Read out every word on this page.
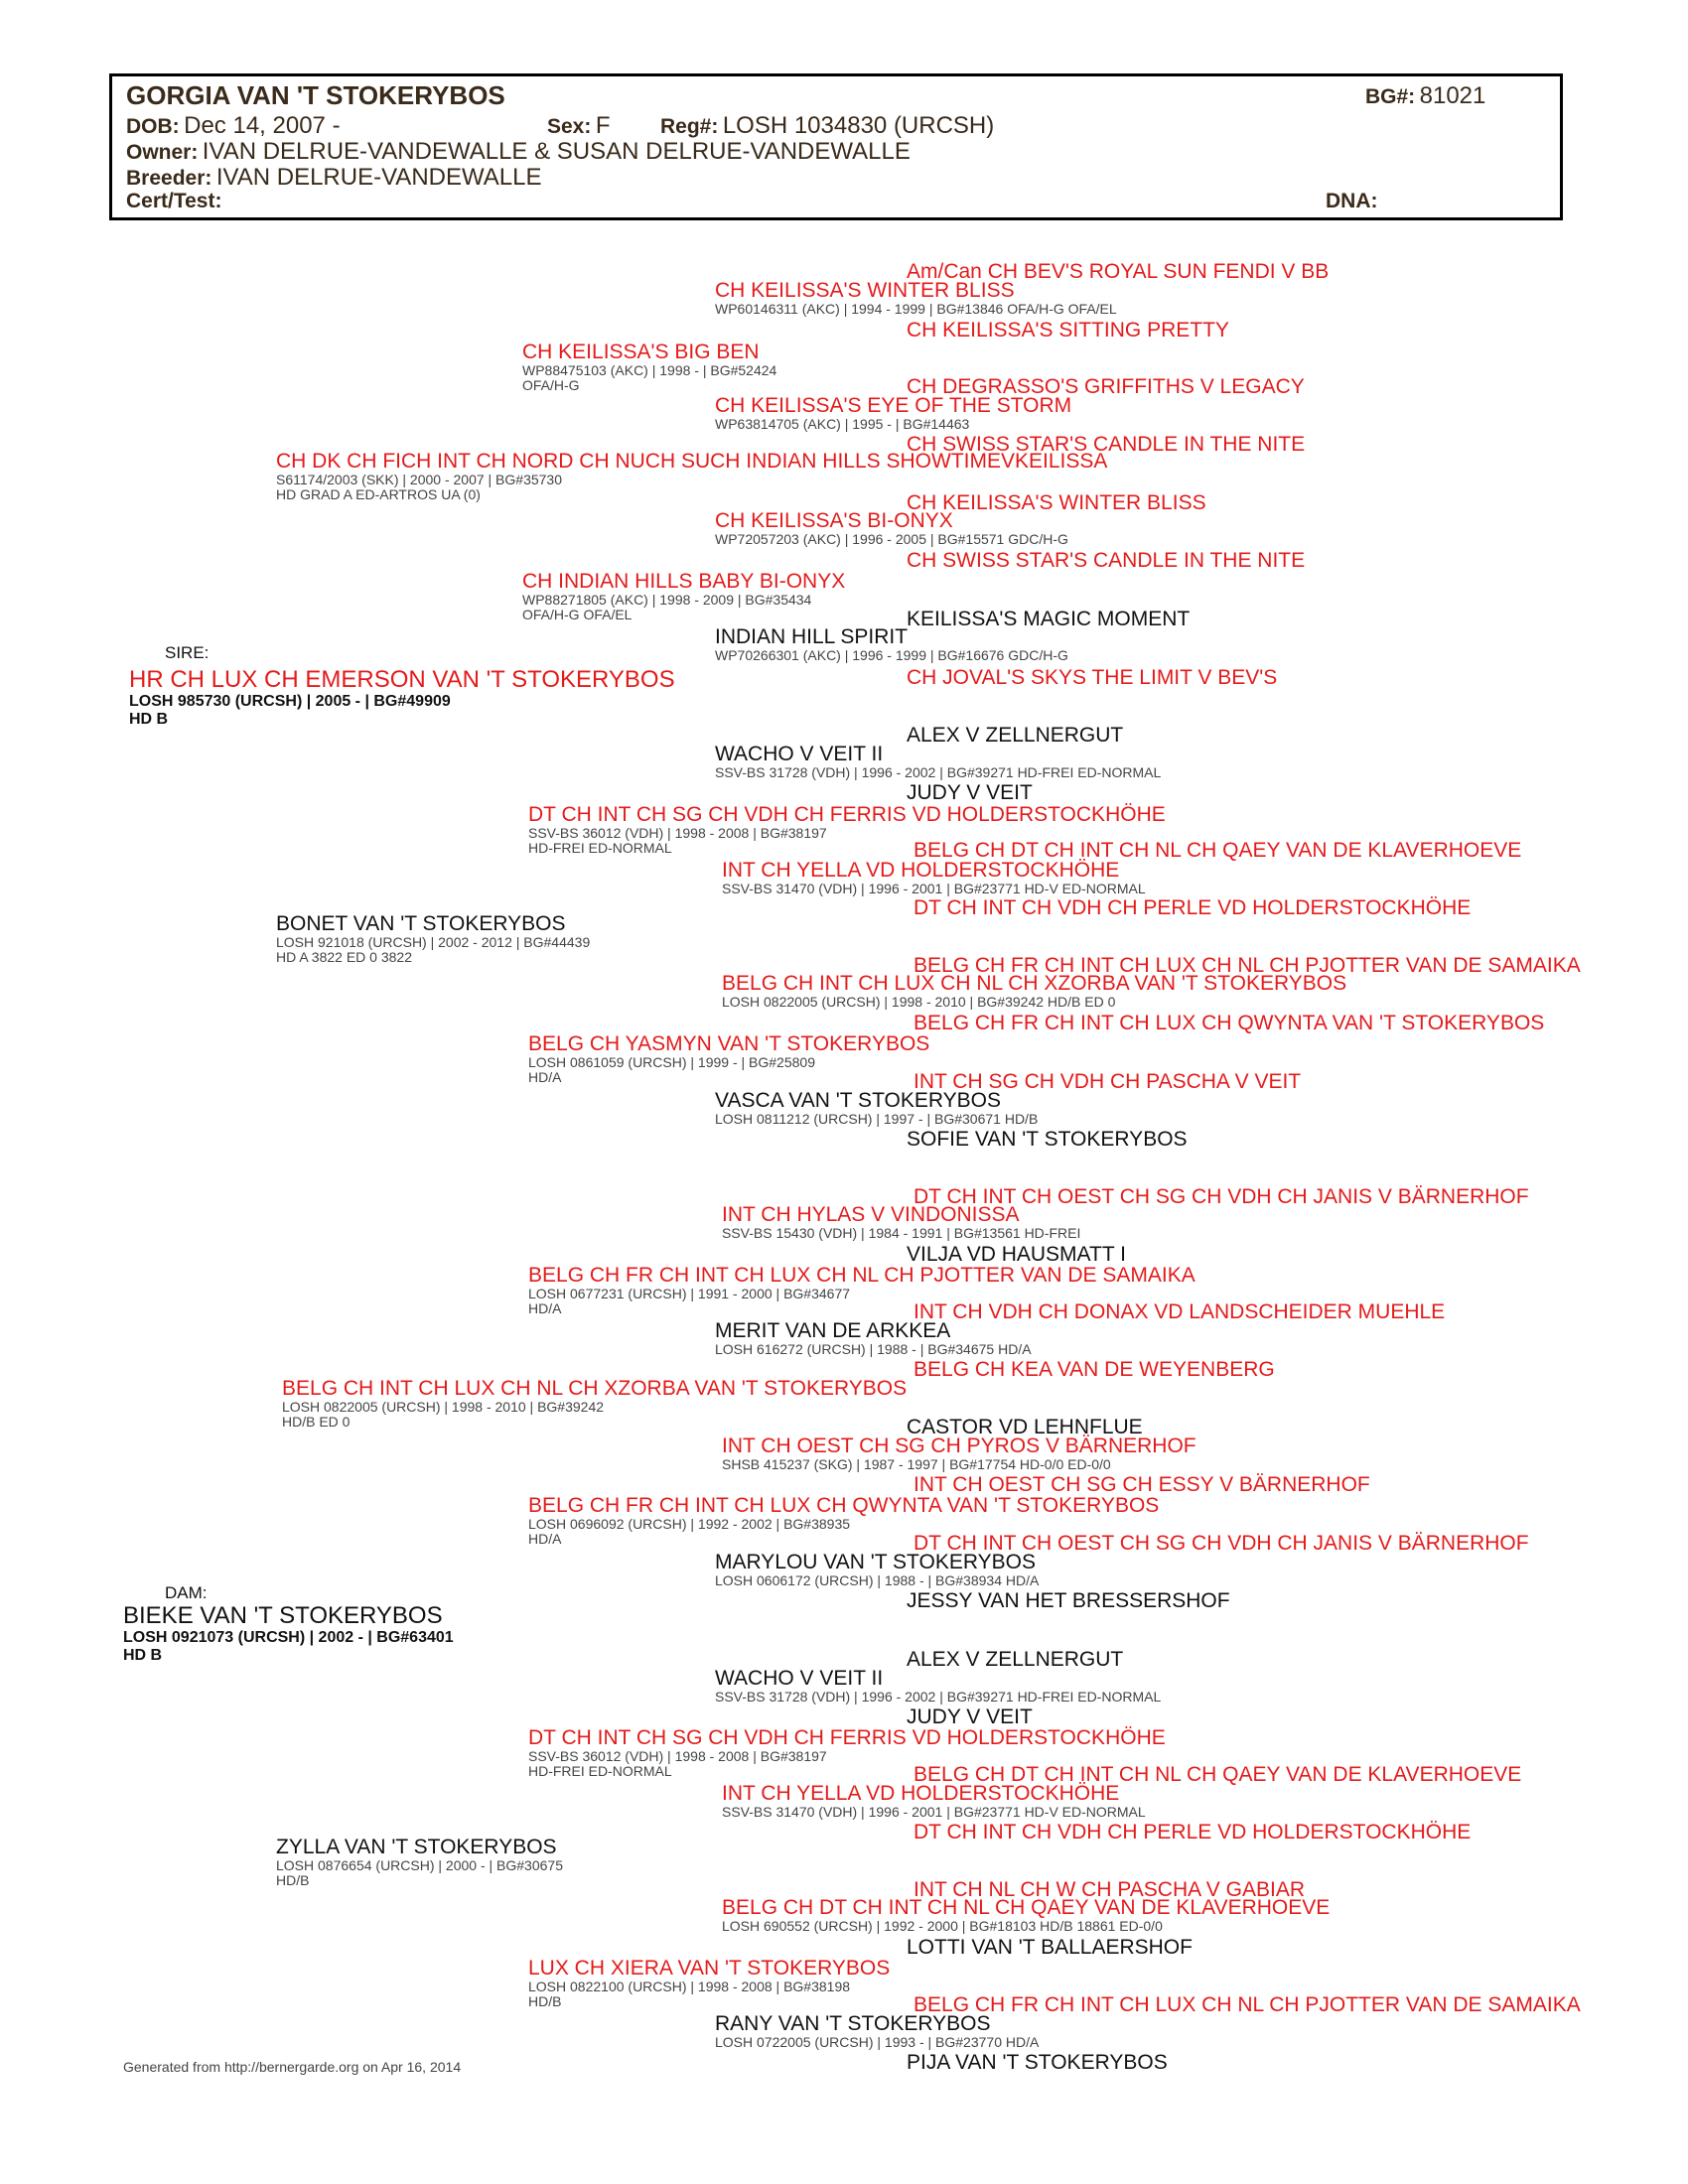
GORGIA VAN 'T STOKERYBOS	BG#: 81021
DOB: Dec 14, 2007 -	Sex: F Reg#: LOSH 1034830 (URCSH)
Owner: IVAN DELRUE-VANDEWALLE & SUSAN DELRUE-VANDEWALLE
Breeder: IVAN DELRUE-VANDEWALLE
Cert/Test:	DNA:
SIRE:
DAM:
Am/Can CH BEV'S ROYAL SUN FENDI V BB
CH KEILISSA'S WINTER BLISS
WP60146311 (AKC) | 1994 - 1999 | BG#13846 OFA/H-G OFA/EL
CH KEILISSA'S SITTING PRETTY
CH KEILISSA'S BIG BEN
WP88475103 (AKC) | 1998 - | BG#52424
OFA/H-G	CH DEGRASSO'S GRIFFITHS V LEGACY
CH KEILISSA'S EYE OF THE STORM
WP63814705 (AKC) | 1995 - | BG#14463
CH SWISS STAR'S CANDLE IN THE NITE
CH DK CH FICH INT CH NORD CH NUCH SUCH INDIAN HILLS SHOWTIMEVKEILISSA
S61174/2003 (SKK) | 2000 - 2007 | BG#35730
HD GRAD A ED-ARTROS UA (0)	CH KEILISSA'S WINTER BLISS
CH KEILISSA'S BI-ONYX
WP72057203 (AKC) | 1996 - 2005 | BG#15571 GDC/H-G
CH SWISS STAR'S CANDLE IN THE NITE
CH INDIAN HILLS BABY BI-ONYX
WP88271805 (AKC) | 1998 - 2009 | BG#35434
OFA/H-G OFA/EL	KEILISSA'S MAGIC MOMENT
INDIAN HILL SPIRIT
WP70266301 (AKC) | 1996 - 1999 | BG#16676 GDC/H-G
CH JOVAL'S SKYS THE LIMIT V BEV'S
HR CH LUX CH EMERSON VAN 'T STOKERYBOS
LOSH 985730 (URCSH) | 2005 - | BG#49909
HD B
ALEX V ZELLNERGUT
WACHO V VEIT II
SSV-BS 31728 (VDH) | 1996 - 2002 | BG#39271 HD-FREI ED-NORMAL
JUDY V VEIT
DT CH INT CH SG CH VDH CH FERRIS VD HOLDERSTOCKHÖHE
SSV-BS 36012 (VDH) | 1998 - 2008 | BG#38197
HD-FREI ED-NORMAL	BELG CH DT CH INT CH NL CH QAEY VAN DE KLAVERHOEVE
INT CH YELLA VD HOLDERSTOCKHÖHE
SSV-BS 31470 (VDH) | 1996 - 2001 | BG#23771 HD-V ED-NORMAL
DT CH INT CH VDH CH PERLE VD HOLDERSTOCKHÖHE
BONET VAN 'T STOKERYBOS
LOSH 921018 (URCSH) | 2002 - 2012 | BG#44439
HD A 3822 ED 0 3822	BELG CH FR CH INT CH LUX CH NL CH PJOTTER VAN DE SAMAIKA
BELG CH INT CH LUX CH NL CH XZORBA VAN 'T STOKERYBOS
LOSH 0822005 (URCSH) | 1998 - 2010 | BG#39242 HD/B ED 0
BELG CH FR CH INT CH LUX CH QWYNTA VAN 'T STOKERYBOS
BELG CH YASMYN VAN 'T STOKERYBOS
LOSH 0861059 (URCSH) | 1999 - | BG#25809
HD/A	INT CH SG CH VDH CH PASCHA V VEIT
VASCA VAN 'T STOKERYBOS
LOSH 0811212 (URCSH) | 1997 - | BG#30671 HD/B
SOFIE VAN 'T STOKERYBOS
DT CH INT CH OEST CH SG CH VDH CH JANIS V BÄRNERHOF
INT CH HYLAS V VINDONISSA
SSV-BS 15430 (VDH) | 1984 - 1991 | BG#13561 HD-FREI
VILJA VD HAUSMATT I
BELG CH FR CH INT CH LUX CH NL CH PJOTTER VAN DE SAMAIKA
LOSH 0677231 (URCSH) | 1991 - 2000 | BG#34677
HD/A	INT CH VDH CH DONAX VD LANDSCHEIDER MUEHLE
MERIT VAN DE ARKKEA
LOSH 616272 (URCSH) | 1988 - | BG#34675 HD/A
BELG CH KEA VAN DE WEYENBERG
BELG CH INT CH LUX CH NL CH XZORBA VAN 'T STOKERYBOS
LOSH 0822005 (URCSH) | 1998 - 2010 | BG#39242
HD/B ED 0	CASTOR VD LEHNFLUE
INT CH OEST CH SG CH PYROS V BÄRNERHOF
SHSB 415237 (SKG) | 1987 - 1997 | BG#17754 HD-0/0 ED-0/0
INT CH OEST CH SG CH ESSY V BÄRNERHOF
BELG CH FR CH INT CH LUX CH QWYNTA VAN 'T STOKERYBOS
LOSH 0696092 (URCSH) | 1992 - 2002 | BG#38935
HD/A	DT CH INT CH OEST CH SG CH VDH CH JANIS V BÄRNERHOF
MARYLOU VAN 'T STOKERYBOS
LOSH 0606172 (URCSH) | 1988 - | BG#38934 HD/A
JESSY VAN HET BRESSERSHOF
BIEKE VAN 'T STOKERYBOS
LOSH 0921073 (URCSH) | 2002 - | BG#63401
HD B	ALEX V ZELLNERGUT
WACHO V VEIT II
SSV-BS 31728 (VDH) | 1996 - 2002 | BG#39271 HD-FREI ED-NORMAL
JUDY V VEIT
DT CH INT CH SG CH VDH CH FERRIS VD HOLDERSTOCKHÖHE
SSV-BS 36012 (VDH) | 1998 - 2008 | BG#38197
HD-FREI ED-NORMAL	BELG CH DT CH INT CH NL CH QAEY VAN DE KLAVERHOEVE
INT CH YELLA VD HOLDERSTOCKHÖHE
SSV-BS 31470 (VDH) | 1996 - 2001 | BG#23771 HD-V ED-NORMAL
DT CH INT CH VDH CH PERLE VD HOLDERSTOCKHÖHE
ZYLLA VAN 'T STOKERYBOS
LOSH 0876654 (URCSH) | 2000 - | BG#30675
HD/B	INT CH NL CH W CH PASCHA V GABIAR
BELG CH DT CH INT CH NL CH QAEY VAN DE KLAVERHOEVE
LOSH 690552 (URCSH) | 1992 - 2000 | BG#18103 HD/B 18861 ED-0/0
LOTTI VAN 'T BALLAERSHOF
LUX CH XIERA VAN 'T STOKERYBOS
LOSH 0822100 (URCSH) | 1998 - 2008 | BG#38198
HD/B	BELG CH FR CH INT CH LUX CH NL CH PJOTTER VAN DE SAMAIKA
RANY VAN 'T STOKERYBOS
LOSH 0722005 (URCSH) | 1993 - | BG#23770 HD/A
PIJA VAN 'T STOKERYBOS
Generated from http://bernergarde.org on Apr 16, 2014
